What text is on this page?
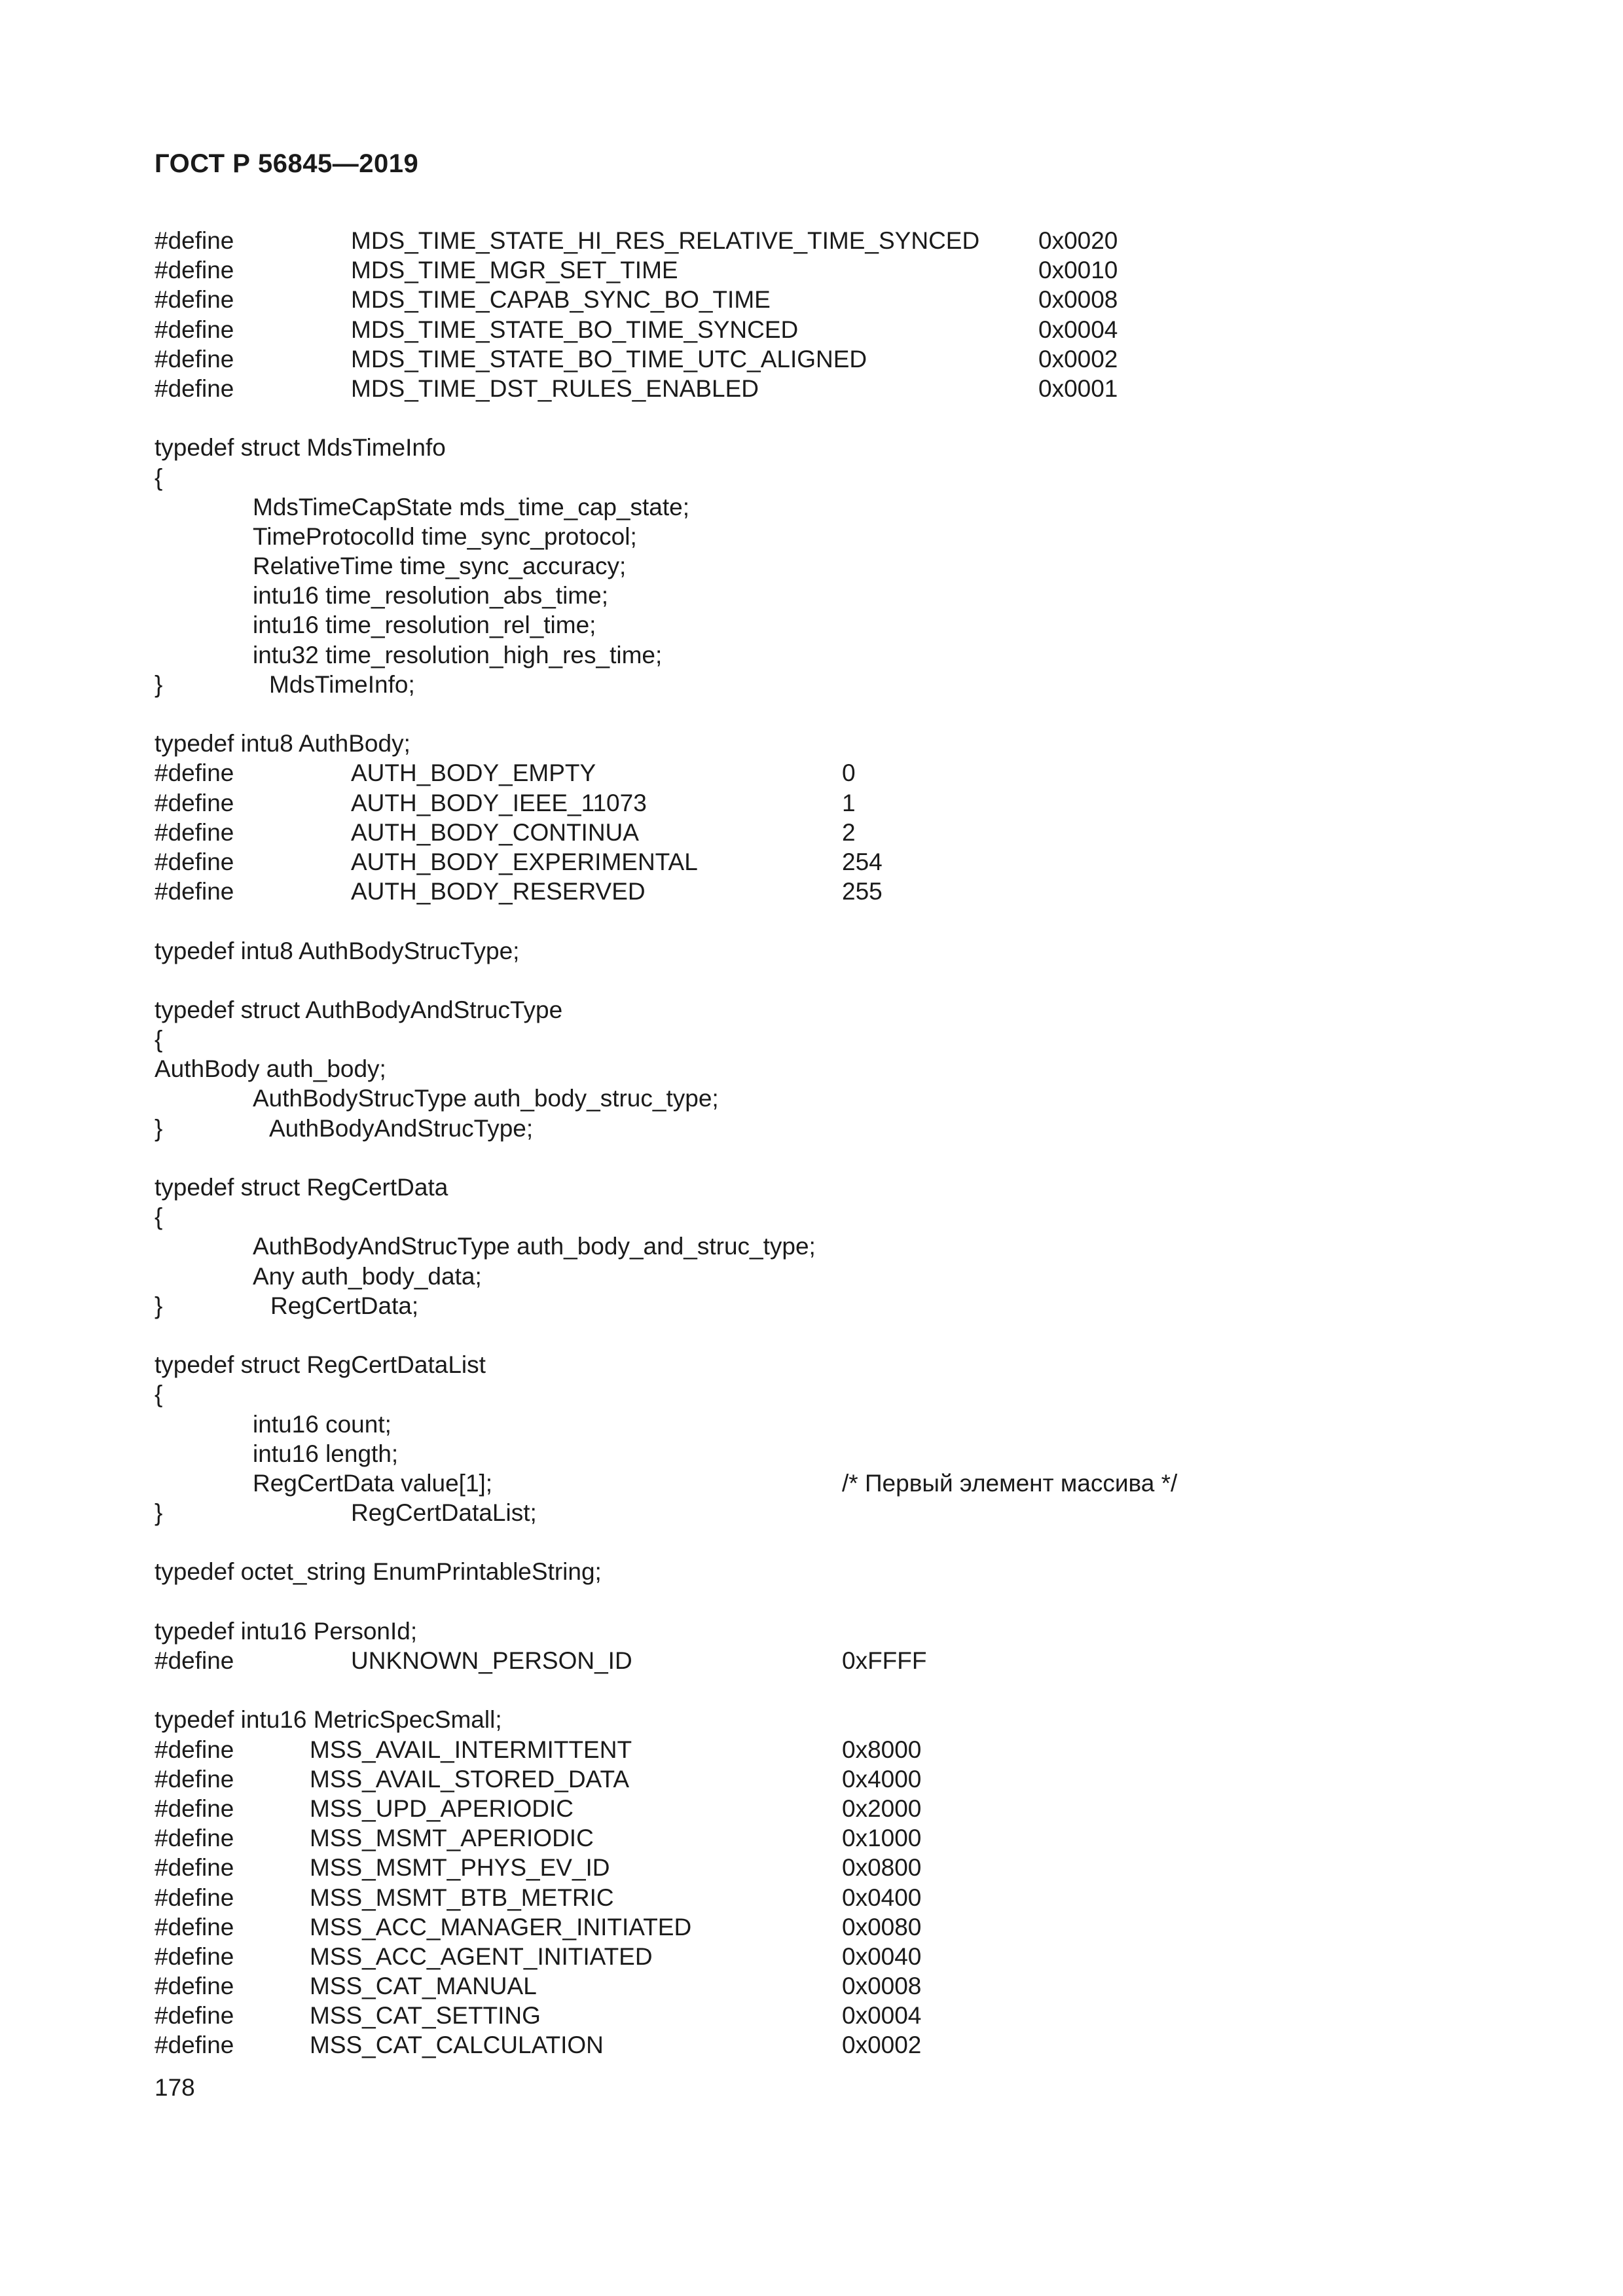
ГОСТ Р 56845—2019
#define	MDS_TIME_STATE_HI_RES_RELATIVE_TIME_SYNCED 0x0020
#define	MDS_TIME_MGR_SET_TIME	0x0010
#define	MDS_TIME_CAPAB_SYNC_BO_TIME	0x0008
#define	MDS_TIME_STATE_BO_TIME_SYNCED	0x0004
#define	MDS_TIME_STATE_BO_TIME_UTC_ALIGNED	0x0002
#define	MDS_TIME_DST_RULES_ENABLED	0x0001
typedef struct MdsTimeInfo
{
MdsTimeCapState mds_time_cap_state;
TimeProtocolId time_sync_protocol;
RelativeTime time_sync_accuracy;
intu16 time_resolution_abs_time;
intu16 time_resolution_rel_time;
intu32 time_resolution_high_res_time;
}	MdsTimeInfo;
typedef intu8 AuthBody;
#define	AUTH_BODY_EMPTY	0
#define	AUTH_BODY_IEEE_11073	1
#define	AUTH_BODY_CONTINUA	2
#define	AUTH_BODY_EXPERIMENTAL	254
#define	AUTH_BODY_RESERVED	255
typedef intu8 AuthBodyStrucType;
typedef struct AuthBodyAndStrucType
{
AuthBody auth_body;
AuthBodyStrucType auth_body_struc_type;
}	AuthBodyAndStrucType;
typedef struct RegCertData
{
AuthBodyAndStrucType auth_body_and_struc_type;
Any auth_body_data;
}	RegCertData;
typedef struct RegCertDataList
{
intu16 count;
intu16 length;
RegCertData value[1];	/* Первый элемент массива */
}	RegCertDataList;
typedef octet_string EnumPrintableString;
typedef intu16 PersonId;
#define	UNKNOWN_PERSON_ID	0xFFFF
typedef intu16 MetricSpecSmall;
#define	MSS_AVAIL_INTERMITTENT	0x8000
#define	MSS_AVAIL_STORED_DATA	0x4000
#define	MSS_UPD_APERIODIC	0x2000
#define	MSS_MSMT_APERIODIC	0x1000
#define	MSS_MSMT_PHYS_EV_ID	0x0800
#define	MSS_MSMT_BTB_METRIC	0x0400
#define	MSS_ACC_MANAGER_INITIATED	0x0080
#define	MSS_ACC_AGENT_INITIATED	0x0040
#define	MSS_CAT_MANUAL	0x0008
#define	MSS_CAT_SETTING	0x0004
#define	MSS_CAT_CALCULATION	0x0002
178
